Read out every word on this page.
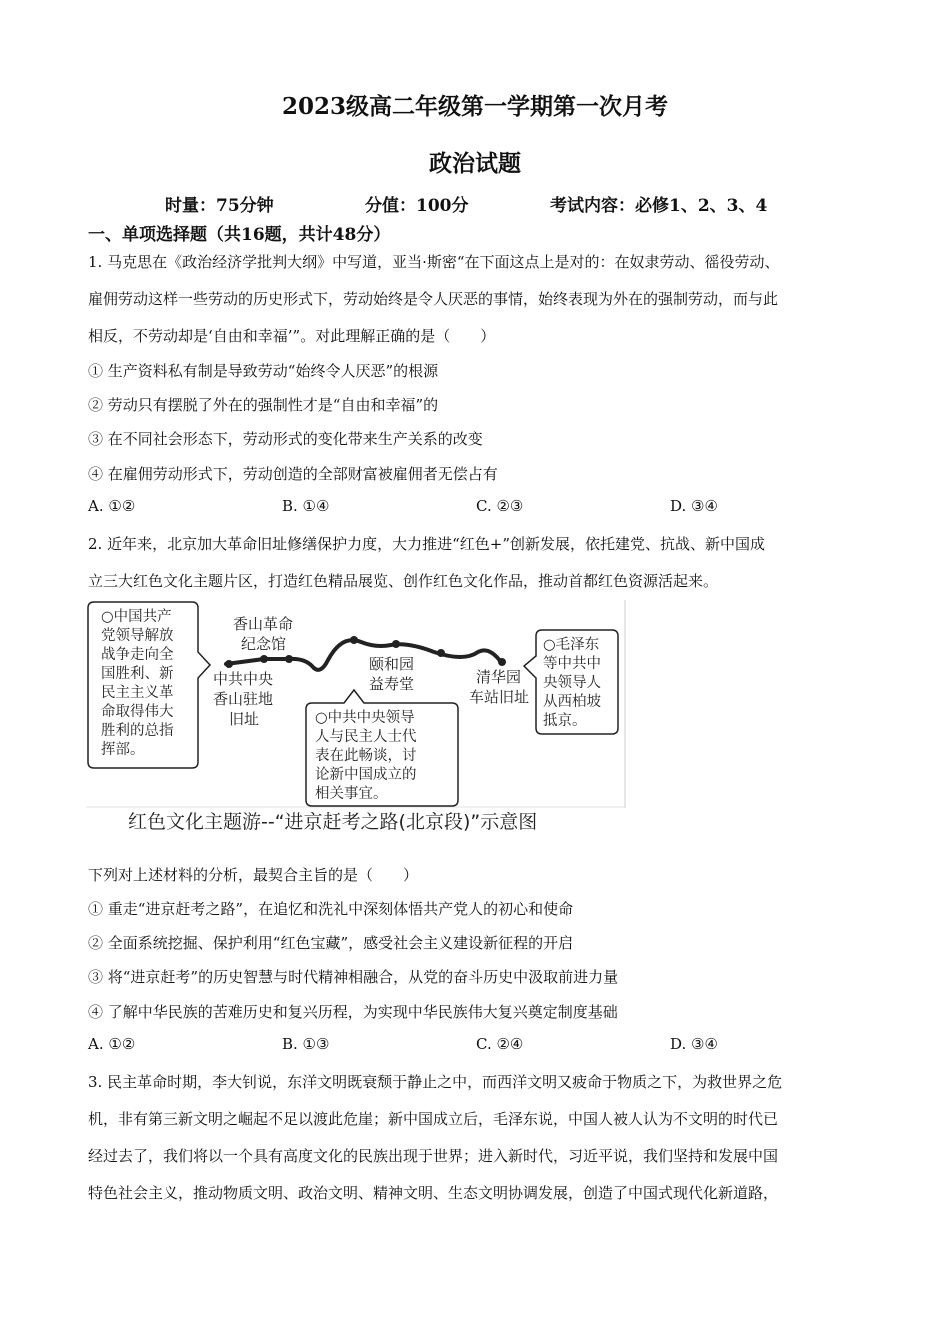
2023级高二年级第一学期第一次月考
政治试题
时量：75分钟	分值：100分	考试内容：必修1、2、3、4
一、单项选择题（共16题，共计48分）
1. 马克思在《政治经济学批判大纲》中写道，亚当·斯密“在下面这点上是对的：在奴隶劳动、徭役劳动、
雇佣劳动这样一些劳动的历史形式下，劳动始终是令人厌恶的事情，始终表现为外在的强制劳动，而与此
相反，不劳动却是‘自由和幸福’”。对此理解正确的是（　　）
① 生产资料私有制是导致劳动“始终令人厌恶”的根源
② 劳动只有摆脱了外在的强制性才是“自由和幸福”的
③ 在不同社会形态下，劳动形式的变化带来生产关系的改变
④ 在雇佣劳动形式下，劳动创造的全部财富被雇佣者无偿占有
A. ①②	B. ①④	C. ②③	D. ③④
2. 近年来，北京加大革命旧址修缮保护力度，大力推进“红色+”创新发展，依托建党、抗战、新中国成
立三大红色文化主题片区，打造红色精品展览、创作红色文化作品，推动首都红色资源活起来。
○中国共产
党领导解放
战争走向全
国胜利、新
民主主义革
命取得伟大
胜利的总指
挥部。
香山革命
纪念馆
中共中央
香山驻地
旧址
颐和园
益寿堂	清华园
车站旧址
○中共中央领导
人与民主人士代
表在此畅谈，讨
论新中国成立的
相关事宜。
○毛泽东
等中共中
央领导人
从西柏坡
抵京。
红色文化主题游--“进京赶考之路(北京段)”示意图
下列对上述材料的分析，最契合主旨的是（　　）
① 重走“进京赶考之路”，在追忆和洗礼中深刻体悟共产党人的初心和使命
② 全面系统挖掘、保护利用“红色宝藏”，感受社会主义建设新征程的开启
③ 将“进京赶考”的历史智慧与时代精神相融合，从党的奋斗历史中汲取前进力量
④ 了解中华民族的苦难历史和复兴历程，为实现中华民族伟大复兴奠定制度基础
A. ①②	B. ①③	C. ②④	D. ③④
3. 民主革命时期，李大钊说，东洋文明既衰颓于静止之中，而西洋文明又疲命于物质之下，为救世界之危
机，非有第三新文明之崛起不足以渡此危崖；新中国成立后，毛泽东说，中国人被人认为不文明的时代已
经过去了，我们将以一个具有高度文化的民族出现于世界；进入新时代，习近平说，我们坚持和发展中国
特色社会主义，推动物质文明、政治文明、精神文明、生态文明协调发展，创造了中国式现代化新道路，
